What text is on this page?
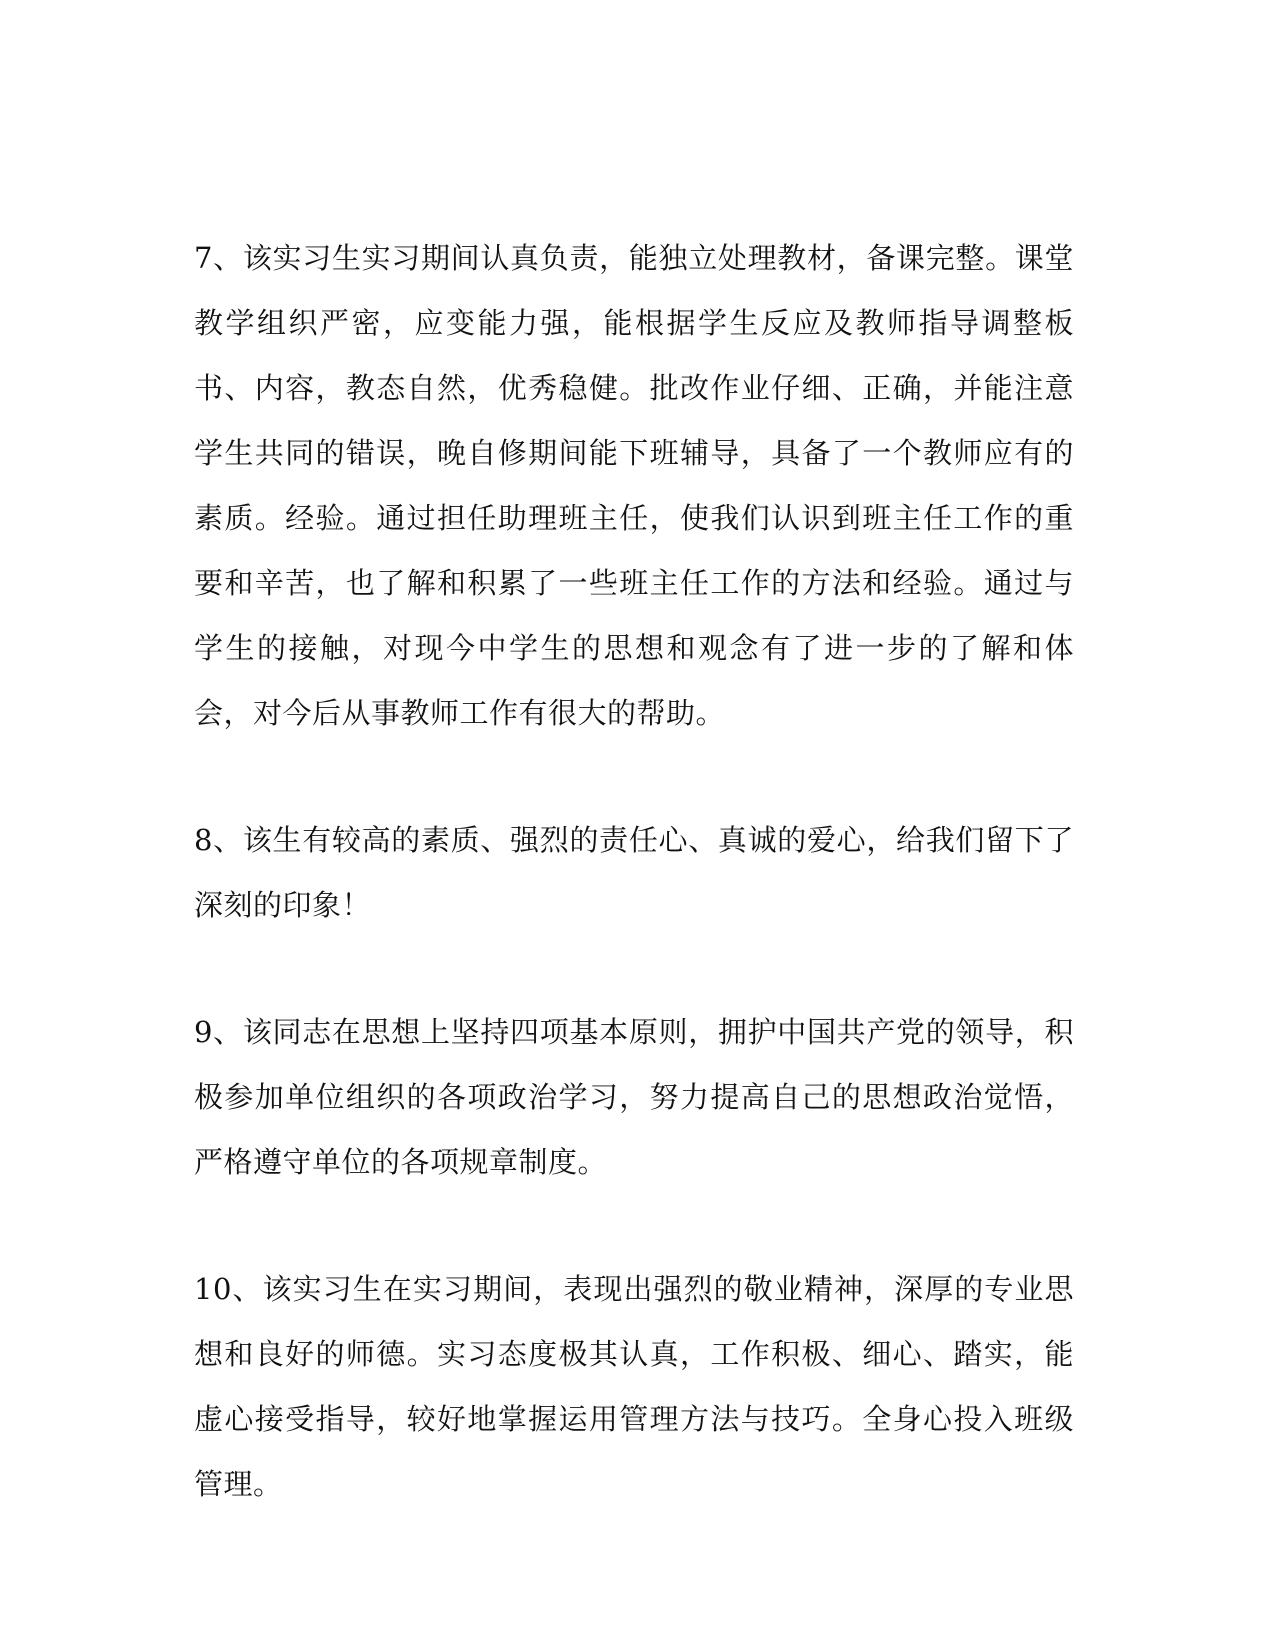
7、该实习生实习期间认真负责，能独立处理教材，备课完整。课堂教学组织严密，应变能力强，能根据学生反应及教师指导调整板书、内容，教态自然，优秀稳健。批改作业仔细、正确，并能注意学生共同的错误，晚自修期间能下班辅导，具备了一个教师应有的素质。经验。通过担任助理班主任，使我们认识到班主任工作的重要和辛苦，也了解和积累了一些班主任工作的方法和经验。通过与学生的接触，对现今中学生的思想和观念有了进一步的了解和体会，对今后从事教师工作有很大的帮助。

8、该生有较高的素质、强烈的责任心、真诚的爱心，给我们留下了深刻的印象！

9、该同志在思想上坚持四项基本原则，拥护中国共产党的领导，积极参加单位组织的各项政治学习，努力提高自己的思想政治觉悟，严格遵守单位的各项规章制度。

10、该实习生在实习期间，表现出强烈的敬业精神，深厚的专业思想和良好的师德。实习态度极其认真，工作积极、细心、踏实，能虚心接受指导，较好地掌握运用管理方法与技巧。全身心投入班级管理。
